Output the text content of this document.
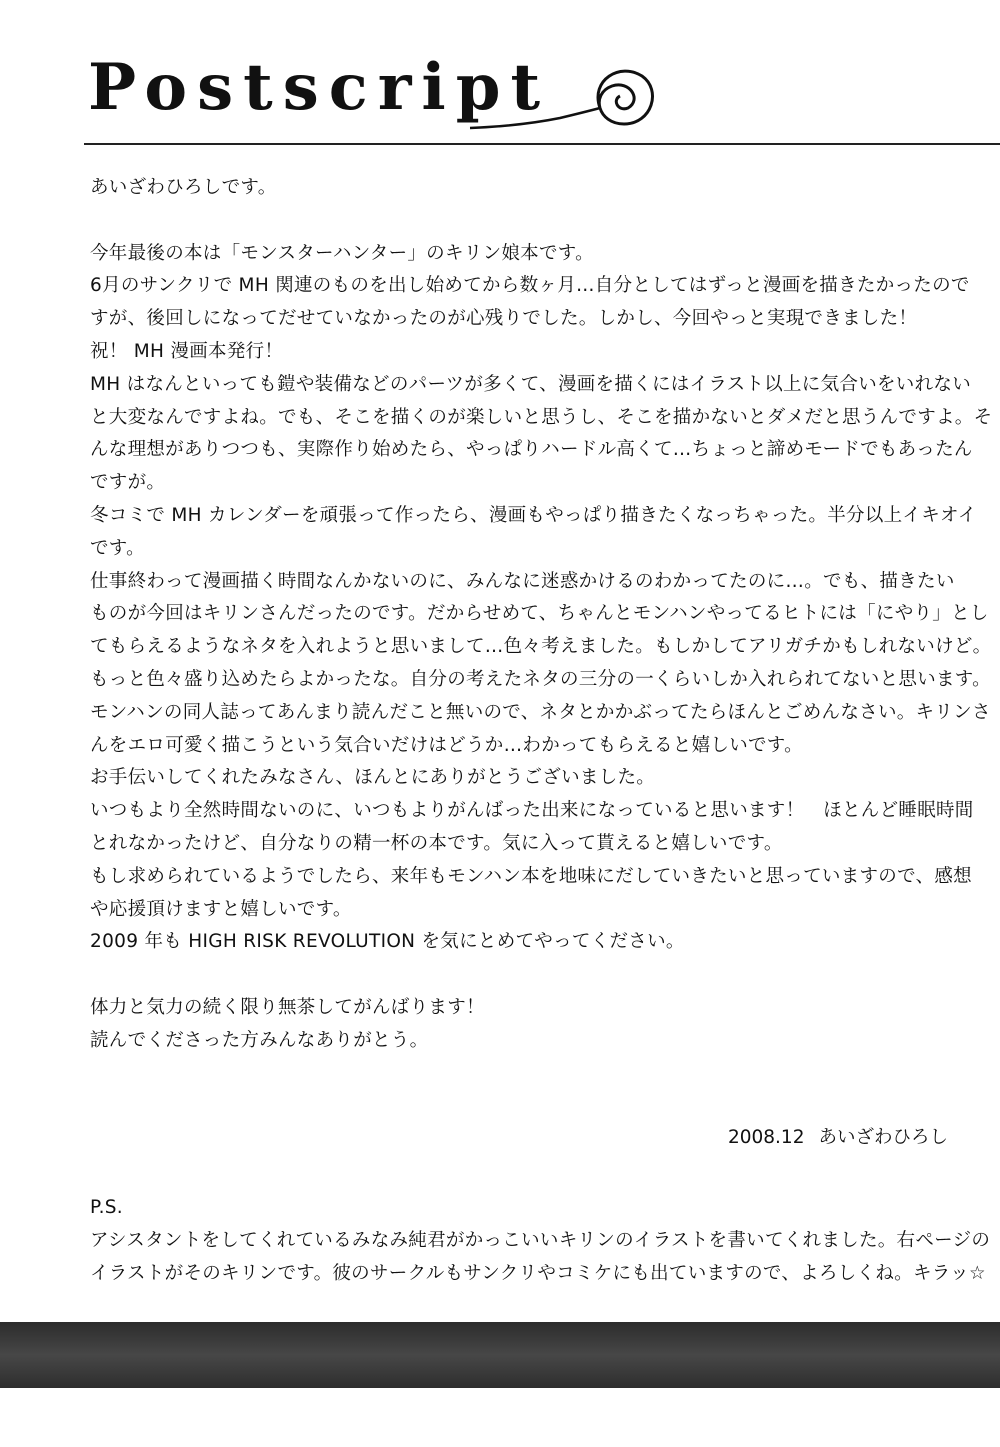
Postscript
あいざわひろしです。
今年最後の本は「モンスターハンター」のキリン娘本です。
6月のサンクリで MH 関連のものを出し始めてから数ヶ月…自分としてはずっと漫画を描きたかったので
すが、後回しになってだせていなかったのが心残りでした。しかし、今回やっと実現できました！
祝！ MH 漫画本発行！
MH はなんといっても鎧や装備などのパーツが多くて、漫画を描くにはイラスト以上に気合いをいれない
と大変なんですよね。でも、そこを描くのが楽しいと思うし、そこを描かないとダメだと思うんですよ。そ
んな理想がありつつも、実際作り始めたら、やっぱりハードル高くて…ちょっと諦めモードでもあったん
ですが。
冬コミで MH カレンダーを頑張って作ったら、漫画もやっぱり描きたくなっちゃった。半分以上イキオイ
です。
仕事終わって漫画描く時間なんかないのに、みんなに迷惑かけるのわかってたのに…。でも、描きたい
ものが今回はキリンさんだったのです。だからせめて、ちゃんとモンハンやってるヒトには「にやり」とし
てもらえるようなネタを入れようと思いまして…色々考えました。もしかしてアリガチかもしれないけど。
もっと色々盛り込めたらよかったな。自分の考えたネタの三分の一くらいしか入れられてないと思います。
モンハンの同人誌ってあんまり読んだこと無いので、ネタとかかぶってたらほんとごめんなさい。キリンさ
んをエロ可愛く描こうという気合いだけはどうか…わかってもらえると嬉しいです。
お手伝いしてくれたみなさん、ほんとにありがとうございました。
いつもより全然時間ないのに、いつもよりがんばった出来になっていると思います！　ほとんど睡眠時間
とれなかったけど、自分なりの精一杯の本です。気に入って貰えると嬉しいです。
もし求められているようでしたら、来年もモンハン本を地味にだしていきたいと思っていますので、感想
や応援頂けますと嬉しいです。
2009 年も HIGH RISK REVOLUTION を気にとめてやってください。
体力と気力の続く限り無茶してがんばります！
読んでくださった方みんなありがとう。
2008.12 あいざわひろし
P.S.
アシスタントをしてくれているみなみ純君がかっこいいキリンのイラストを書いてくれました。右ページの
イラストがそのキリンです。彼のサークルもサンクリやコミケにも出ていますので、よろしくね。キラッ☆
